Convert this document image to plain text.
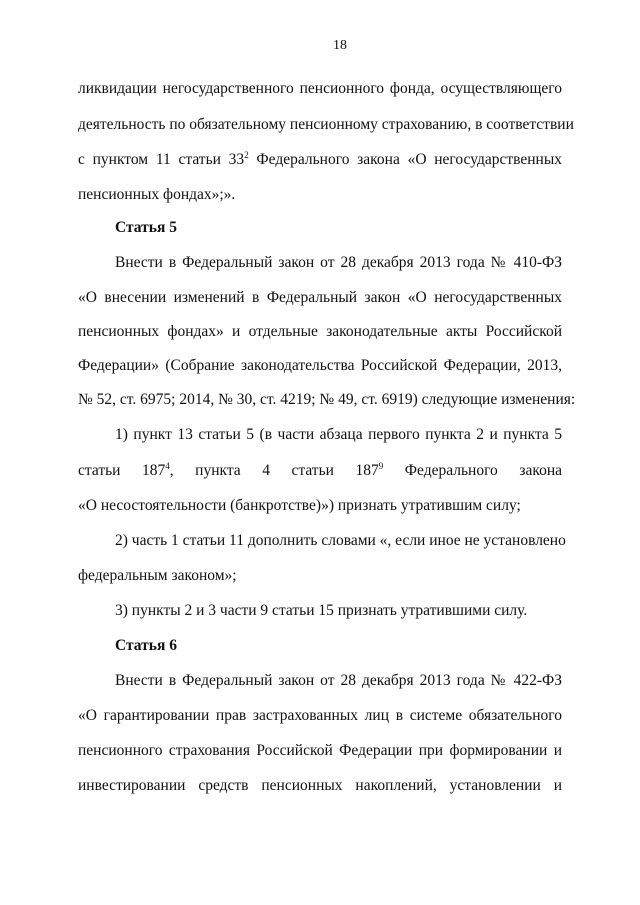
18
ликвидации негосударственного пенсионного фонда, осуществляющего
деятельность по обязательному пенсионному страхованию, в соответствии
с пунктом 11 статьи $33^2$ Федерального закона «О негосударственных
пенсионных фондах»;».
Статья 5
Внести в Федеральный закон от 28 декабря 2013 года № 410-ФЗ
«О внесении изменений в Федеральный закон «О негосударственных
пенсионных фондах» и отдельные законодательные акты Российской
Федерации» (Собрание законодательства Российской Федерации, 2013,
№ 52, ст. 6975; 2014, № 30, ст. 4219; № 49, ст. 6919) следующие изменения:
1) пункт 13 статьи 5 (в части абзаца первого пункта 2 и пункта 5
статьи $187^4$, пункта 4 статьи $187^9$ Федерального закона
«О несостоятельности (банкротстве)») признать утратившим силу;
2) часть 1 статьи 11 дополнить словами «, если иное не установлено
федеральным законом»;
3) пункты 2 и 3 части 9 статьи 15 признать утратившими силу.
Статья 6
Внести в Федеральный закон от 28 декабря 2013 года № 422-ФЗ
«О гарантировании прав застрахованных лиц в системе обязательного
пенсионного страхования Российской Федерации при формировании и
инвестировании средств пенсионных накоплений, установлении и
